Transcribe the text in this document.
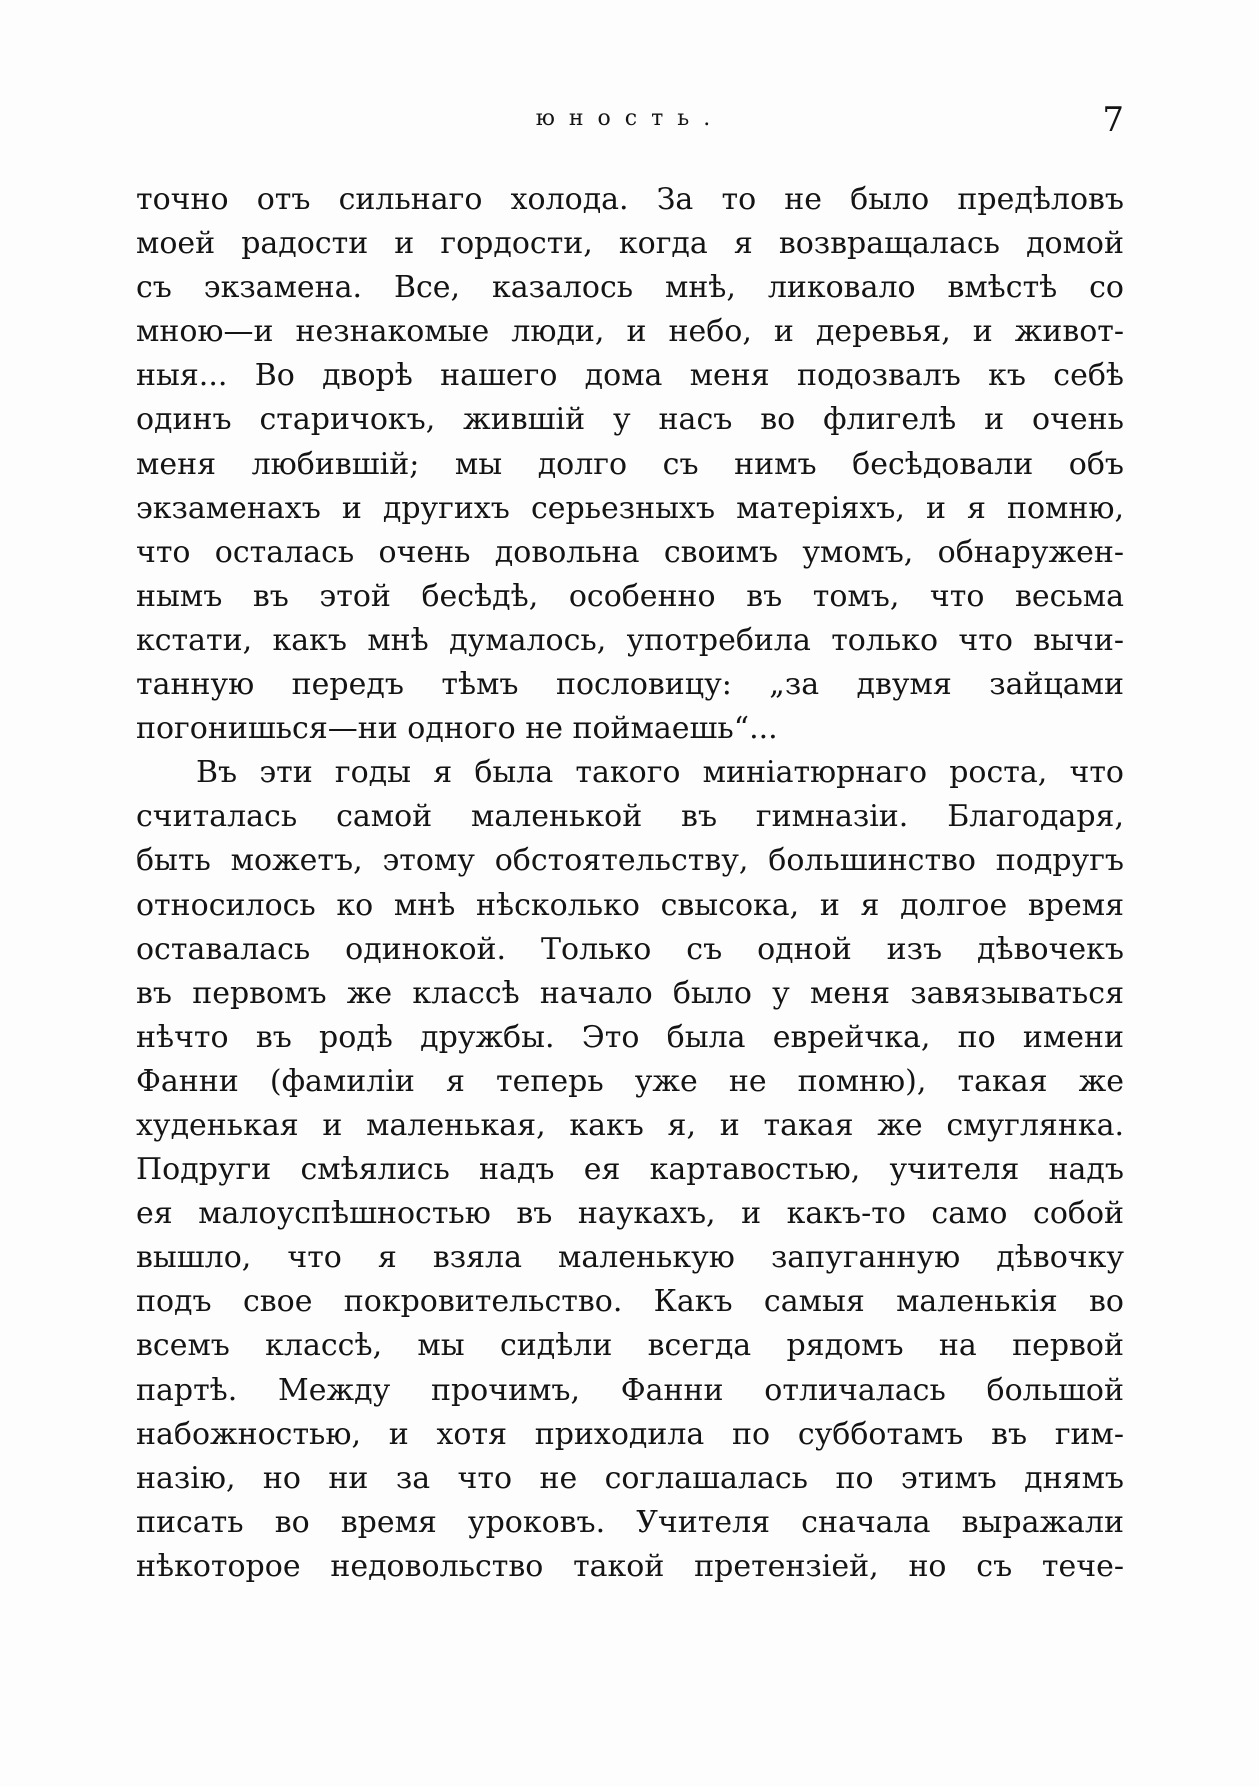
юность.	7
точно отъ сильнаго холода. За то не было предѣловъ
моей радости и гордости, когда я возвращалась домой
съ экзамена. Все, казалось мнѣ, ликовало вмѣстѣ со
мною—и незнакомые люди, и небо, и деревья, и живот-
ныя... Во дворѣ нашего дома меня подозвалъ къ себѣ
одинъ старичокъ, жившій у насъ во флигелѣ и очень
меня любившій; мы долго съ нимъ бесѣдовали объ
экзаменахъ и другихъ серьезныхъ матеріяхъ, и я помню,
что осталась очень довольна своимъ умомъ, обнаружен-
нымъ въ этой бесѣдѣ, особенно въ томъ, что весьма
кстати, какъ мнѣ думалось, употребила только что вычи-
танную передъ тѣмъ пословицу: „за двумя зайцами
погонишься—ни одного не поймаешь“...
Въ эти годы я была такого миніатюрнаго роста, что
считалась самой маленькой въ гимназіи. Благодаря,
быть можетъ, этому обстоятельству, большинство подругъ
относилось ко мнѣ нѣсколько свысока, и я долгое время
оставалась одинокой. Только съ одной изъ дѣвочекъ
въ первомъ же классѣ начало было у меня завязываться
нѣчто въ родѣ дружбы. Это была еврейчка, по имени
Фанни (фамиліи я теперь уже не помню), такая же
худенькая и маленькая, какъ я, и такая же смуглянка.
Подруги смѣялись надъ ея картавостью, учителя надъ
ея малоуспѣшностью въ наукахъ, и какъ-то само собой
вышло, что я взяла маленькую запуганную дѣвочку
подъ свое покровительство. Какъ самыя маленькія во
всемъ классѣ, мы сидѣли всегда рядомъ на первой
партѣ. Между прочимъ, Фанни отличалась большой
набожностью, и хотя приходила по субботамъ въ гим-
назію, но ни за что не соглашалась по этимъ днямъ
писать во время уроковъ. Учителя сначала выражали
нѣкоторое недовольство такой претензіей, но съ тече-
